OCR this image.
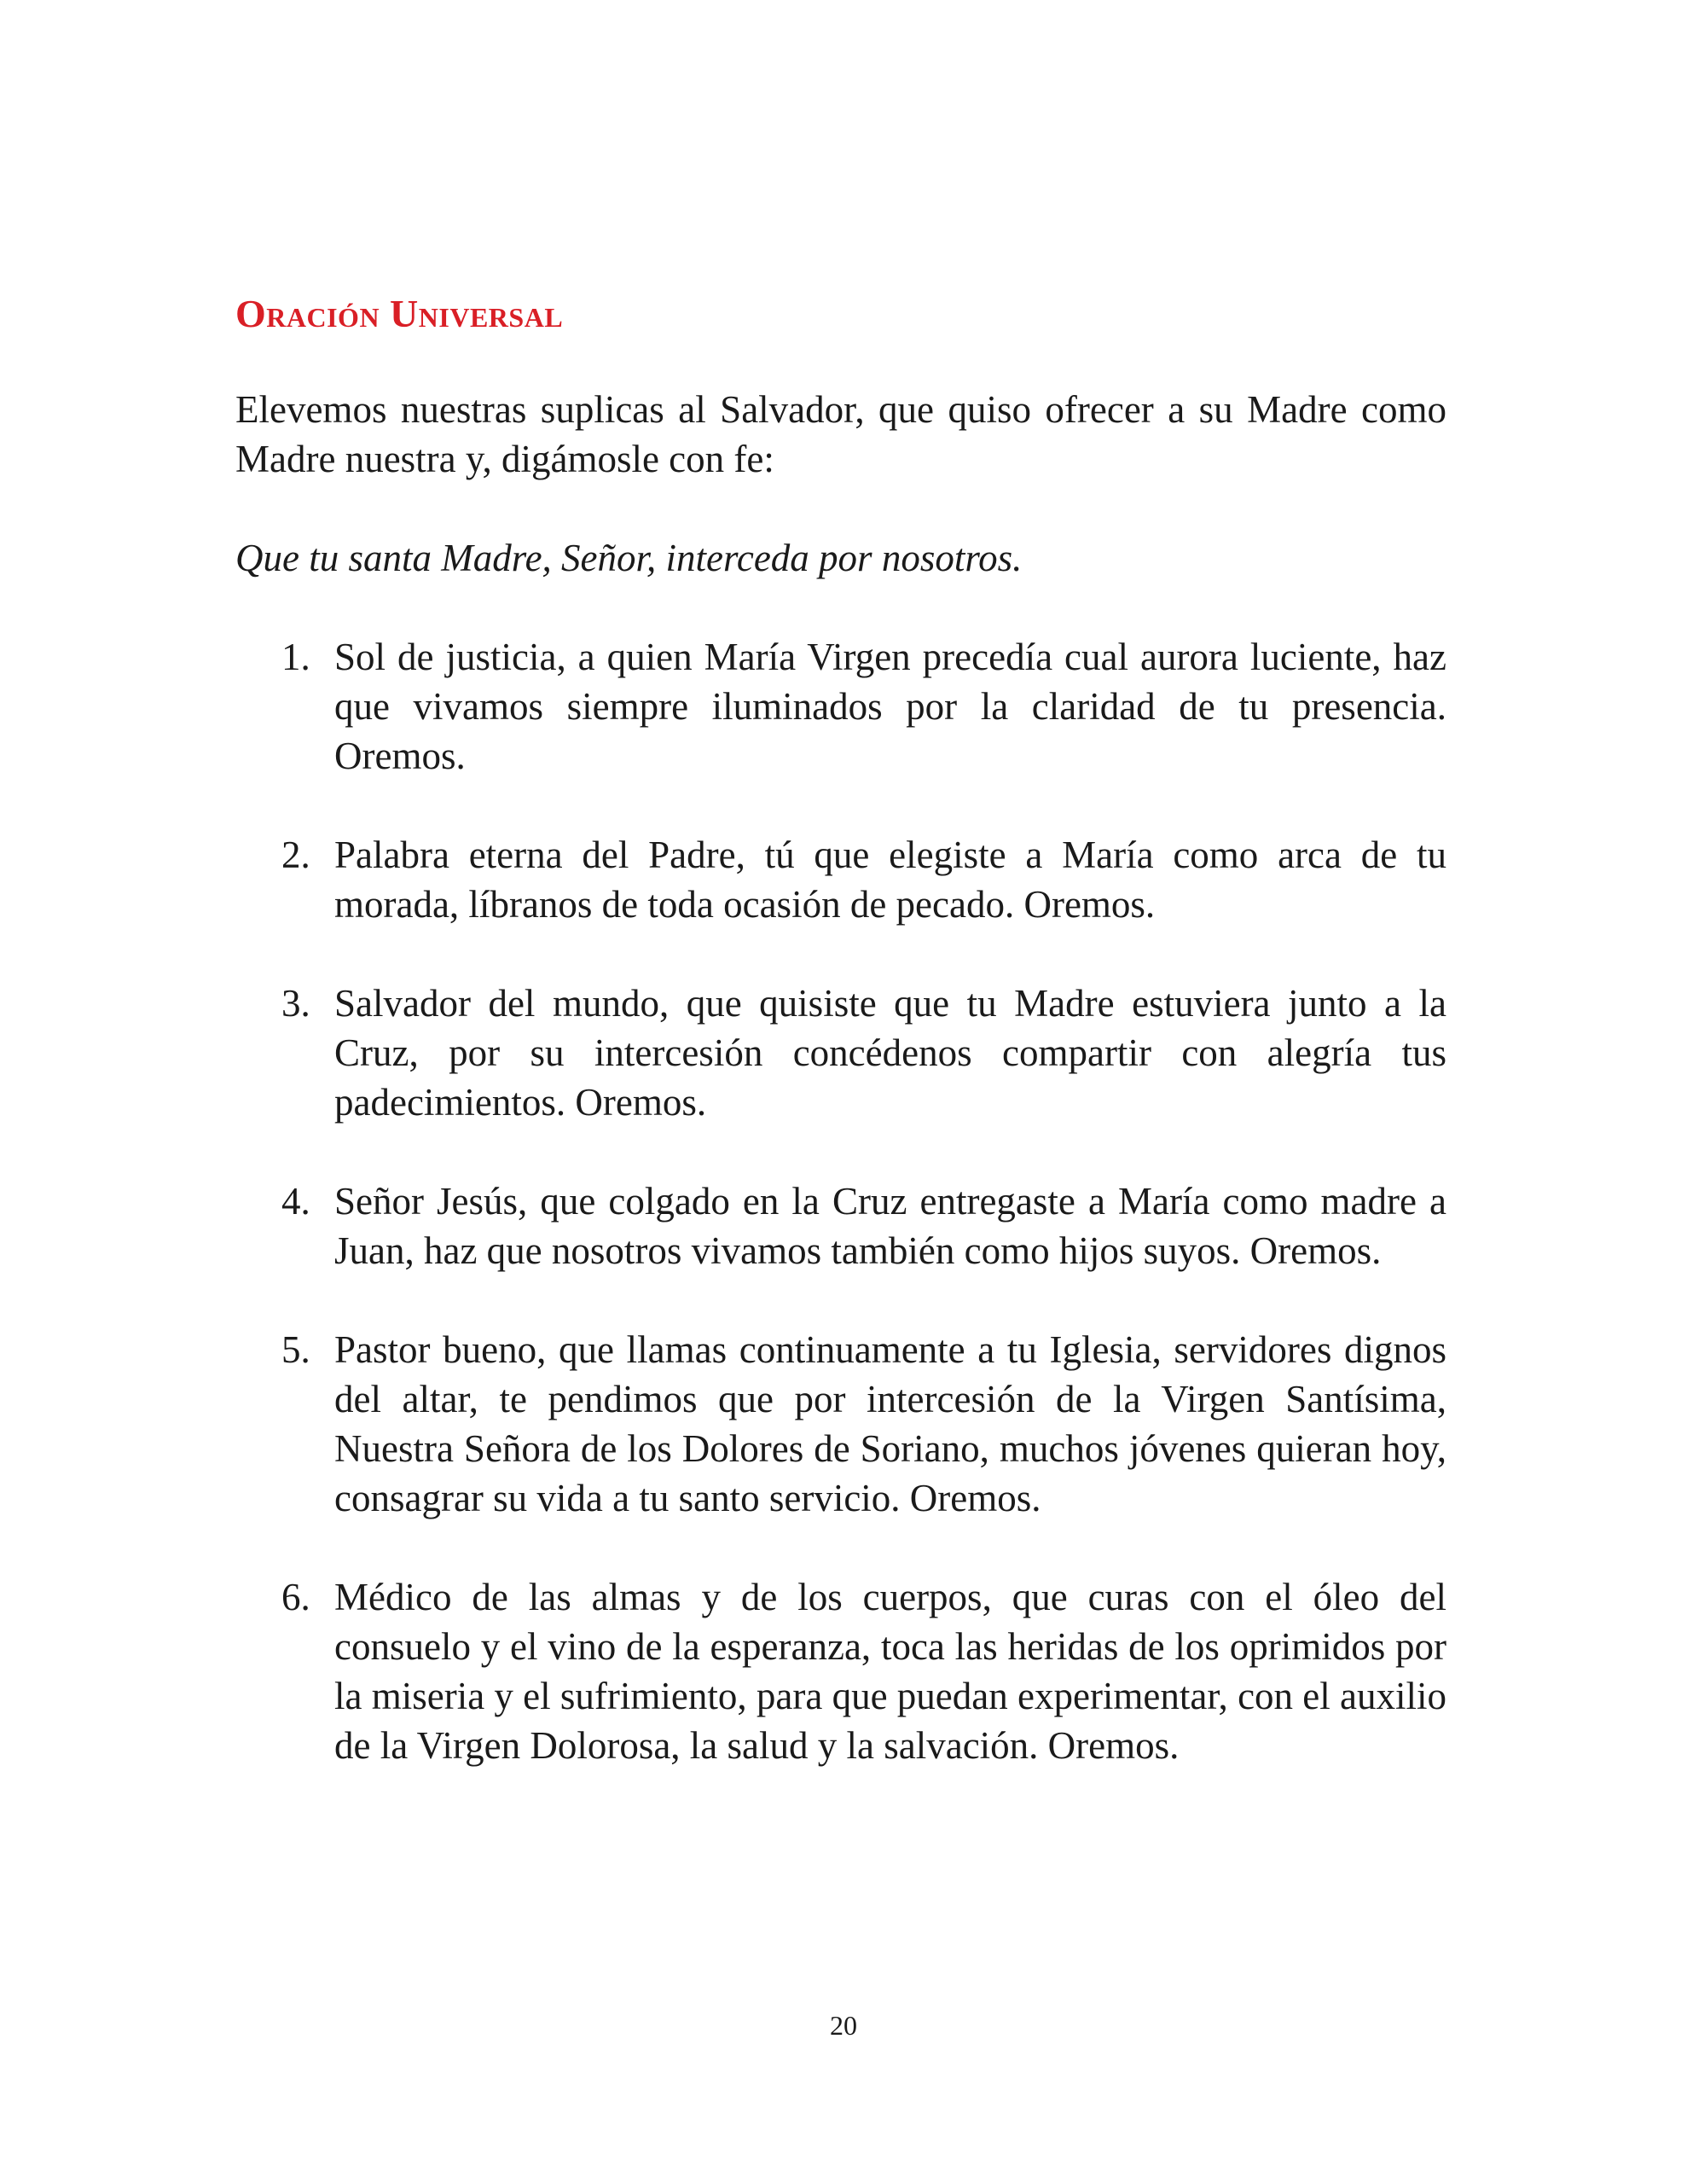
Oración Universal

Elevemos nuestras suplicas al Salvador, que quiso ofrecer a su Madre como Madre nuestra y, digámosle con fe:

Que tu santa Madre, Señor, interceda por nosotros.

1. Sol de justicia, a quien María Virgen precedía cual aurora luciente, haz que vivamos siempre iluminados por la claridad de tu presencia. Oremos.
2. Palabra eterna del Padre, tú que elegiste a María como arca de tu morada, líbranos de toda ocasión de pecado. Oremos.
3. Salvador del mundo, que quisiste que tu Madre estuviera junto a la Cruz, por su intercesión concédenos compartir con alegría tus padecimientos. Oremos.
4. Señor Jesús, que colgado en la Cruz entregaste a María como madre a Juan, haz que nosotros vivamos también como hijos suyos. Oremos.
5. Pastor bueno, que llamas continuamente a tu Iglesia, servidores dignos del altar, te pendimos que por intercesión de la Virgen Santísima, Nuestra Señora de los Dolores de Soriano, muchos jóvenes quieran hoy, consagrar su vida a tu santo servicio. Oremos.
6. Médico de las almas y de los cuerpos, que curas con el óleo del consuelo y el vino de la esperanza, toca las heridas de los oprimidos por la miseria y el sufrimiento, para que puedan experimentar, con el auxilio de la Virgen Dolorosa, la salud y la salvación. Oremos.
20
